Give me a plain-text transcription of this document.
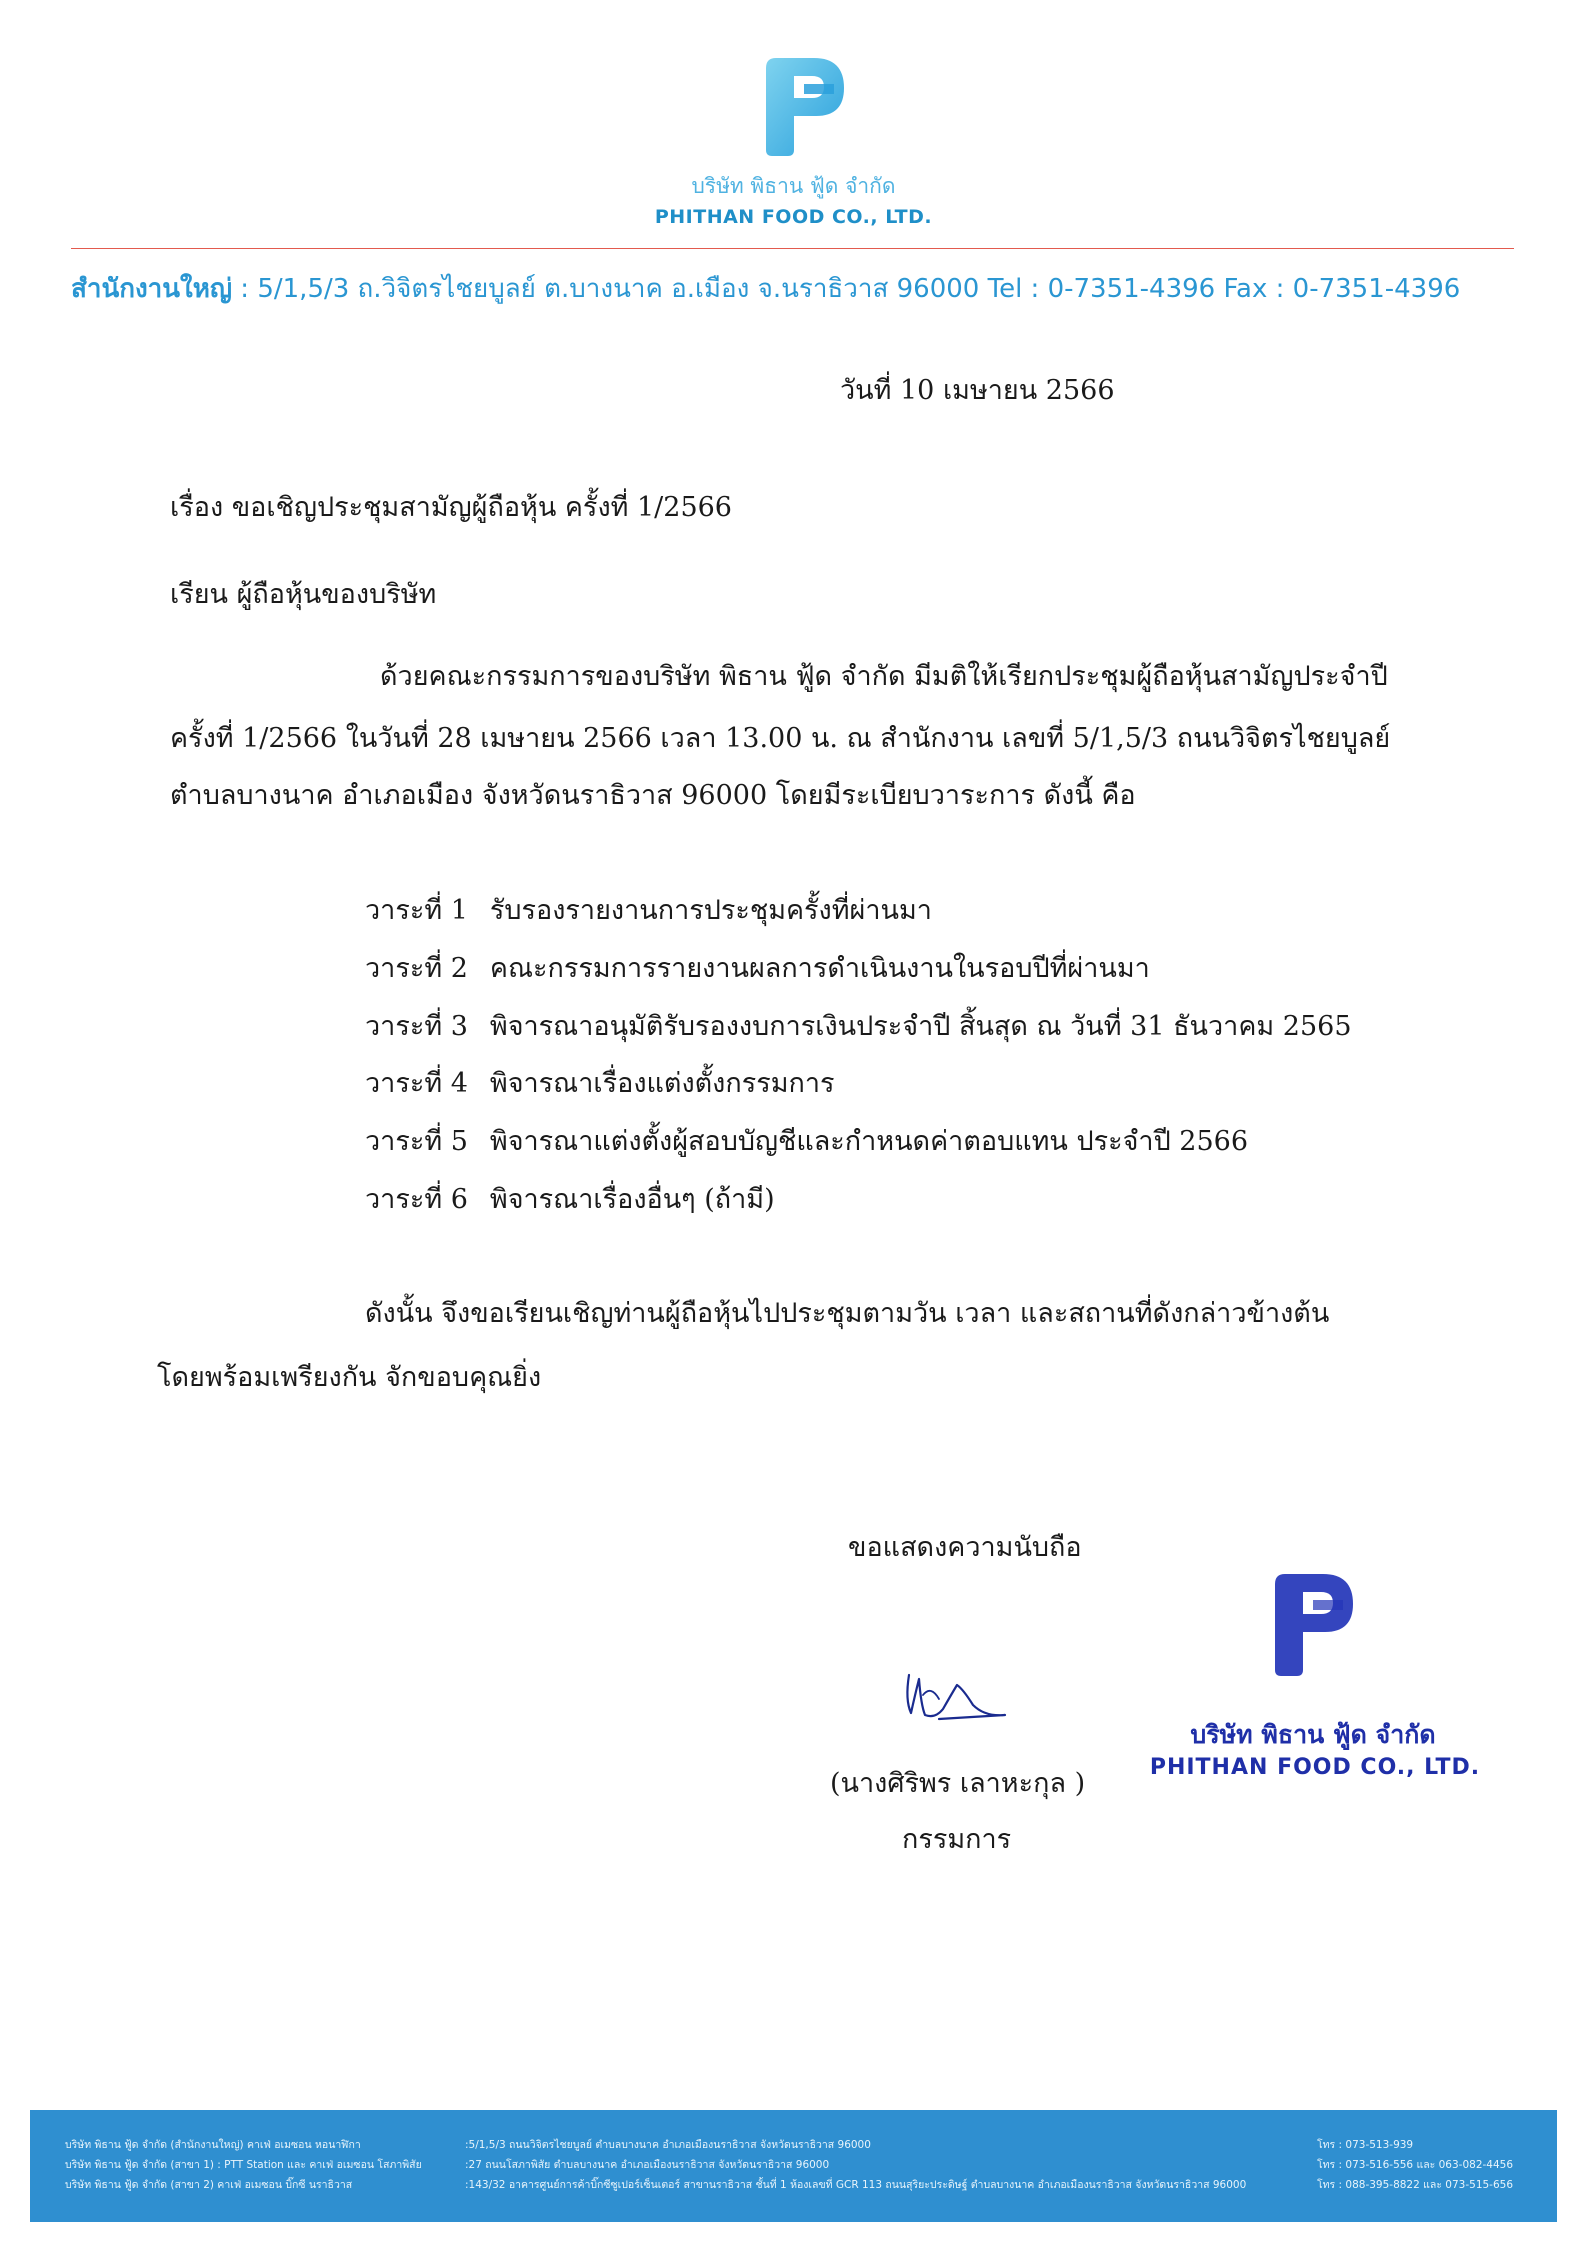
บริษัท พิธาน ฟู้ด จำกัด
PHITHAN FOOD CO., LTD.
สำนักงานใหญ่ : 5/1,5/3 ถ.วิจิตรไชยบูลย์ ต.บางนาค อ.เมือง จ.นราธิวาส 96000 Tel : 0-7351-4396 Fax : 0-7351-4396
วันที่ 10 เมษายน 2566
เรื่อง ขอเชิญประชุมสามัญผู้ถือหุ้น ครั้งที่ 1/2566
เรียน ผู้ถือหุ้นของบริษัท
ด้วยคณะกรรมการของบริษัท พิธาน ฟู้ด จำกัด มีมติให้เรียกประชุมผู้ถือหุ้นสามัญประจำปี
ครั้งที่ 1/2566 ในวันที่ 28 เมษายน 2566 เวลา 13.00 น. ณ สำนักงาน เลขที่ 5/1,5/3 ถนนวิจิตรไชยบูลย์
ตำบลบางนาค อำเภอเมือง จังหวัดนราธิวาส 96000 โดยมีระเบียบวาระการ ดังนี้ คือ
วาระที่ 1 รับรองรายงานการประชุมครั้งที่ผ่านมา
วาระที่ 2 คณะกรรมการรายงานผลการดำเนินงานในรอบปีที่ผ่านมา
วาระที่ 3 พิจารณาอนุมัติรับรองงบการเงินประจำปี สิ้นสุด ณ วันที่ 31 ธันวาคม 2565
วาระที่ 4 พิจารณาเรื่องแต่งตั้งกรรมการ
วาระที่ 5 พิจารณาแต่งตั้งผู้สอบบัญชีและกำหนดค่าตอบแทน ประจำปี 2566
วาระที่ 6 พิจารณาเรื่องอื่นๆ (ถ้ามี)
ดังนั้น จึงขอเรียนเชิญท่านผู้ถือหุ้นไปประชุมตามวัน เวลา และสถานที่ดังกล่าวข้างต้น
โดยพร้อมเพรียงกัน จักขอบคุณยิ่ง
ขอแสดงความนับถือ
(นางศิริพร เลาหะกุล )
กรรมการ
บริษัท พิธาน ฟู้ด จำกัด
PHITHAN FOOD CO., LTD.
บริษัท พิธาน ฟู้ด จำกัด (สำนักงานใหญ่) คาเฟ่ อเมซอน หอนาฬิกา	:5/1,5/3 ถนนวิจิตรไชยบูลย์ ตำบลบางนาค อำเภอเมืองนราธิวาส จังหวัดนราธิวาส 96000	โทร : 073-513-939
บริษัท พิธาน ฟู้ด จำกัด (สาขา 1) : PTT Station และ คาเฟ่ อเมซอน โสภาพิสัย	:27 ถนนโสภาพิสัย ตำบลบางนาค อำเภอเมืองนราธิวาส จังหวัดนราธิวาส 96000	โทร : 073-516-556 และ 063-082-4456
บริษัท พิธาน ฟู้ด จำกัด (สาขา 2) คาเฟ่ อเมซอน บิ๊กซี นราธิวาส	:143/32 อาคารศูนย์การค้าบิ๊กซีซูเปอร์เซ็นเตอร์ สาขานราธิวาส ชั้นที่ 1 ห้องเลขที่ GCR 113 ถนนสุริยะประดิษฐ์ ตำบลบางนาค อำเภอเมืองนราธิวาส จังหวัดนราธิวาส 96000	โทร : 088-395-8822 และ 073-515-656
